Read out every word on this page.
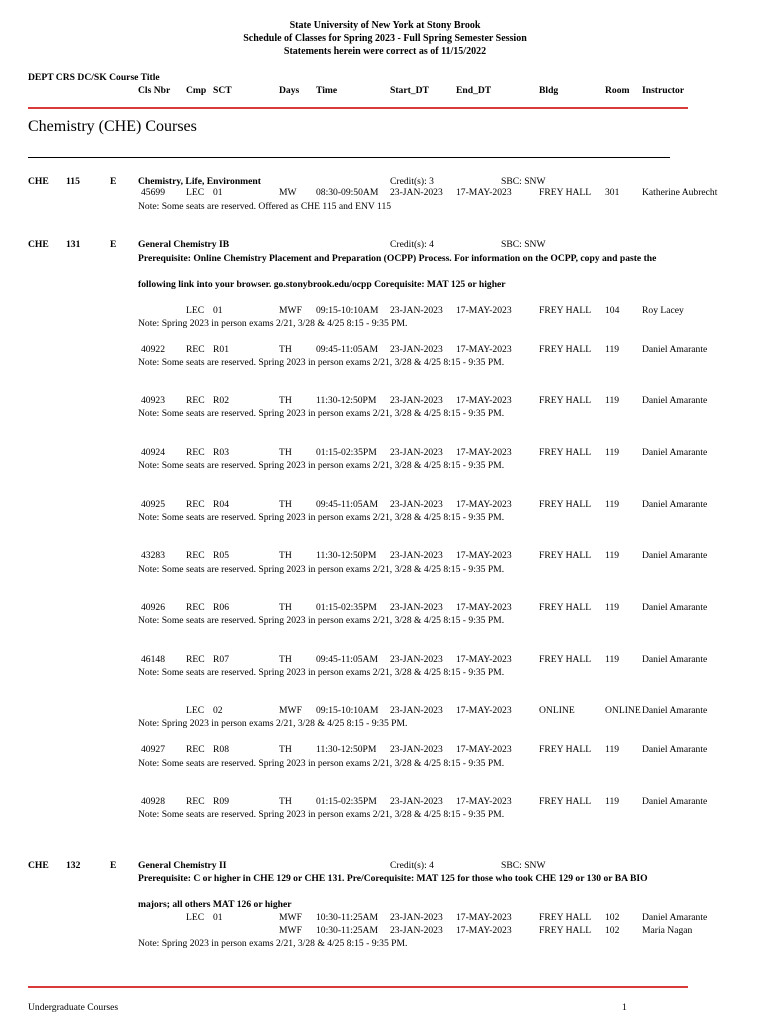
State University of New York at Stony Brook
Schedule of Classes for Spring 2023 - Full Spring Semester Session
Statements herein were correct as of 11/15/2022
DEPT CRS DC/SK Course Title
Cls Nbr Cmp SCT	Days Time	Start_DT	End_DT	Bldg	Room Instructor
Chemistry (CHE) Courses
CHE 115	E Chemistry, Life, Environment	Credit(s): 3	SBC: SNW
45699 LEC 01	MW 08:30-09:50AM 23-JAN-2023 17-MAY-2023	FREY HALL 301 Katherine Aubrecht
Note: Some seats are reserved. Offered as CHE 115 and ENV 115
CHE 131	E General Chemistry IB	Credit(s): 4	SBC: SNW
Prerequisite: Online Chemistry Placement and Preparation (OCPP) Process. For information on the OCPP, copy and paste the
following link into your browser. go.stonybrook.edu/ocpp Corequisite: MAT 125 or higher
LEC 01	MWF 09:15-10:10AM 23-JAN-2023 17-MAY-2023	FREY HALL 104 Roy Lacey
Note: Spring 2023 in person exams 2/21, 3/28 & 4/25 8:15 - 9:35 PM.
40922 REC R01	TH	09:45-11:05AM 23-JAN-2023 17-MAY-2023	FREY HALL 119 Daniel Amarante
Note: Some seats are reserved. Spring 2023 in person exams 2/21, 3/28 & 4/25 8:15 - 9:35 PM.
40923 REC R02	TH	11:30-12:50PM 23-JAN-2023 17-MAY-2023	FREY HALL 119 Daniel Amarante
Note: Some seats are reserved. Spring 2023 in person exams 2/21, 3/28 & 4/25 8:15 - 9:35 PM.
40924 REC R03	TH	01:15-02:35PM 23-JAN-2023 17-MAY-2023	FREY HALL 119 Daniel Amarante
Note: Some seats are reserved. Spring 2023 in person exams 2/21, 3/28 & 4/25 8:15 - 9:35 PM.
40925 REC R04	TH	09:45-11:05AM 23-JAN-2023 17-MAY-2023	FREY HALL 119 Daniel Amarante
Note: Some seats are reserved. Spring 2023 in person exams 2/21, 3/28 & 4/25 8:15 - 9:35 PM.
43283 REC R05	TH	11:30-12:50PM 23-JAN-2023 17-MAY-2023	FREY HALL 119 Daniel Amarante
Note: Some seats are reserved. Spring 2023 in person exams 2/21, 3/28 & 4/25 8:15 - 9:35 PM.
40926 REC R06	TH	01:15-02:35PM 23-JAN-2023 17-MAY-2023	FREY HALL 119 Daniel Amarante
Note: Some seats are reserved. Spring 2023 in person exams 2/21, 3/28 & 4/25 8:15 - 9:35 PM.
46148 REC R07	TH	09:45-11:05AM 23-JAN-2023 17-MAY-2023	FREY HALL 119 Daniel Amarante
Note: Some seats are reserved. Spring 2023 in person exams 2/21, 3/28 & 4/25 8:15 - 9:35 PM.
LEC 02	MWF 09:15-10:10AM 23-JAN-2023 17-MAY-2023	ONLINE	ONLINE Daniel Amarante
Note: Spring 2023 in person exams 2/21, 3/28 & 4/25 8:15 - 9:35 PM.
40927 REC R08	TH	11:30-12:50PM 23-JAN-2023 17-MAY-2023	FREY HALL 119 Daniel Amarante
Note: Some seats are reserved. Spring 2023 in person exams 2/21, 3/28 & 4/25 8:15 - 9:35 PM.
40928 REC R09	TH	01:15-02:35PM 23-JAN-2023 17-MAY-2023	FREY HALL 119 Daniel Amarante
Note: Some seats are reserved. Spring 2023 in person exams 2/21, 3/28 & 4/25 8:15 - 9:35 PM.
CHE 132	E General Chemistry II	Credit(s): 4	SBC: SNW
Prerequisite: C or higher in CHE 129 or CHE 131. Pre/Corequisite: MAT 125 for those who took CHE 129 or 130 or BA BIO
majors; all others MAT 126 or higher
LEC 01	MWF 10:30-11:25AM 23-JAN-2023 17-MAY-2023	FREY HALL 102 Daniel Amarante
MWF 10:30-11:25AM 23-JAN-2023 17-MAY-2023	FREY HALL 102 Maria Nagan
Note: Spring 2023 in person exams 2/21, 3/28 & 4/25 8:15 - 9:35 PM.
Undergraduate Courses	1
